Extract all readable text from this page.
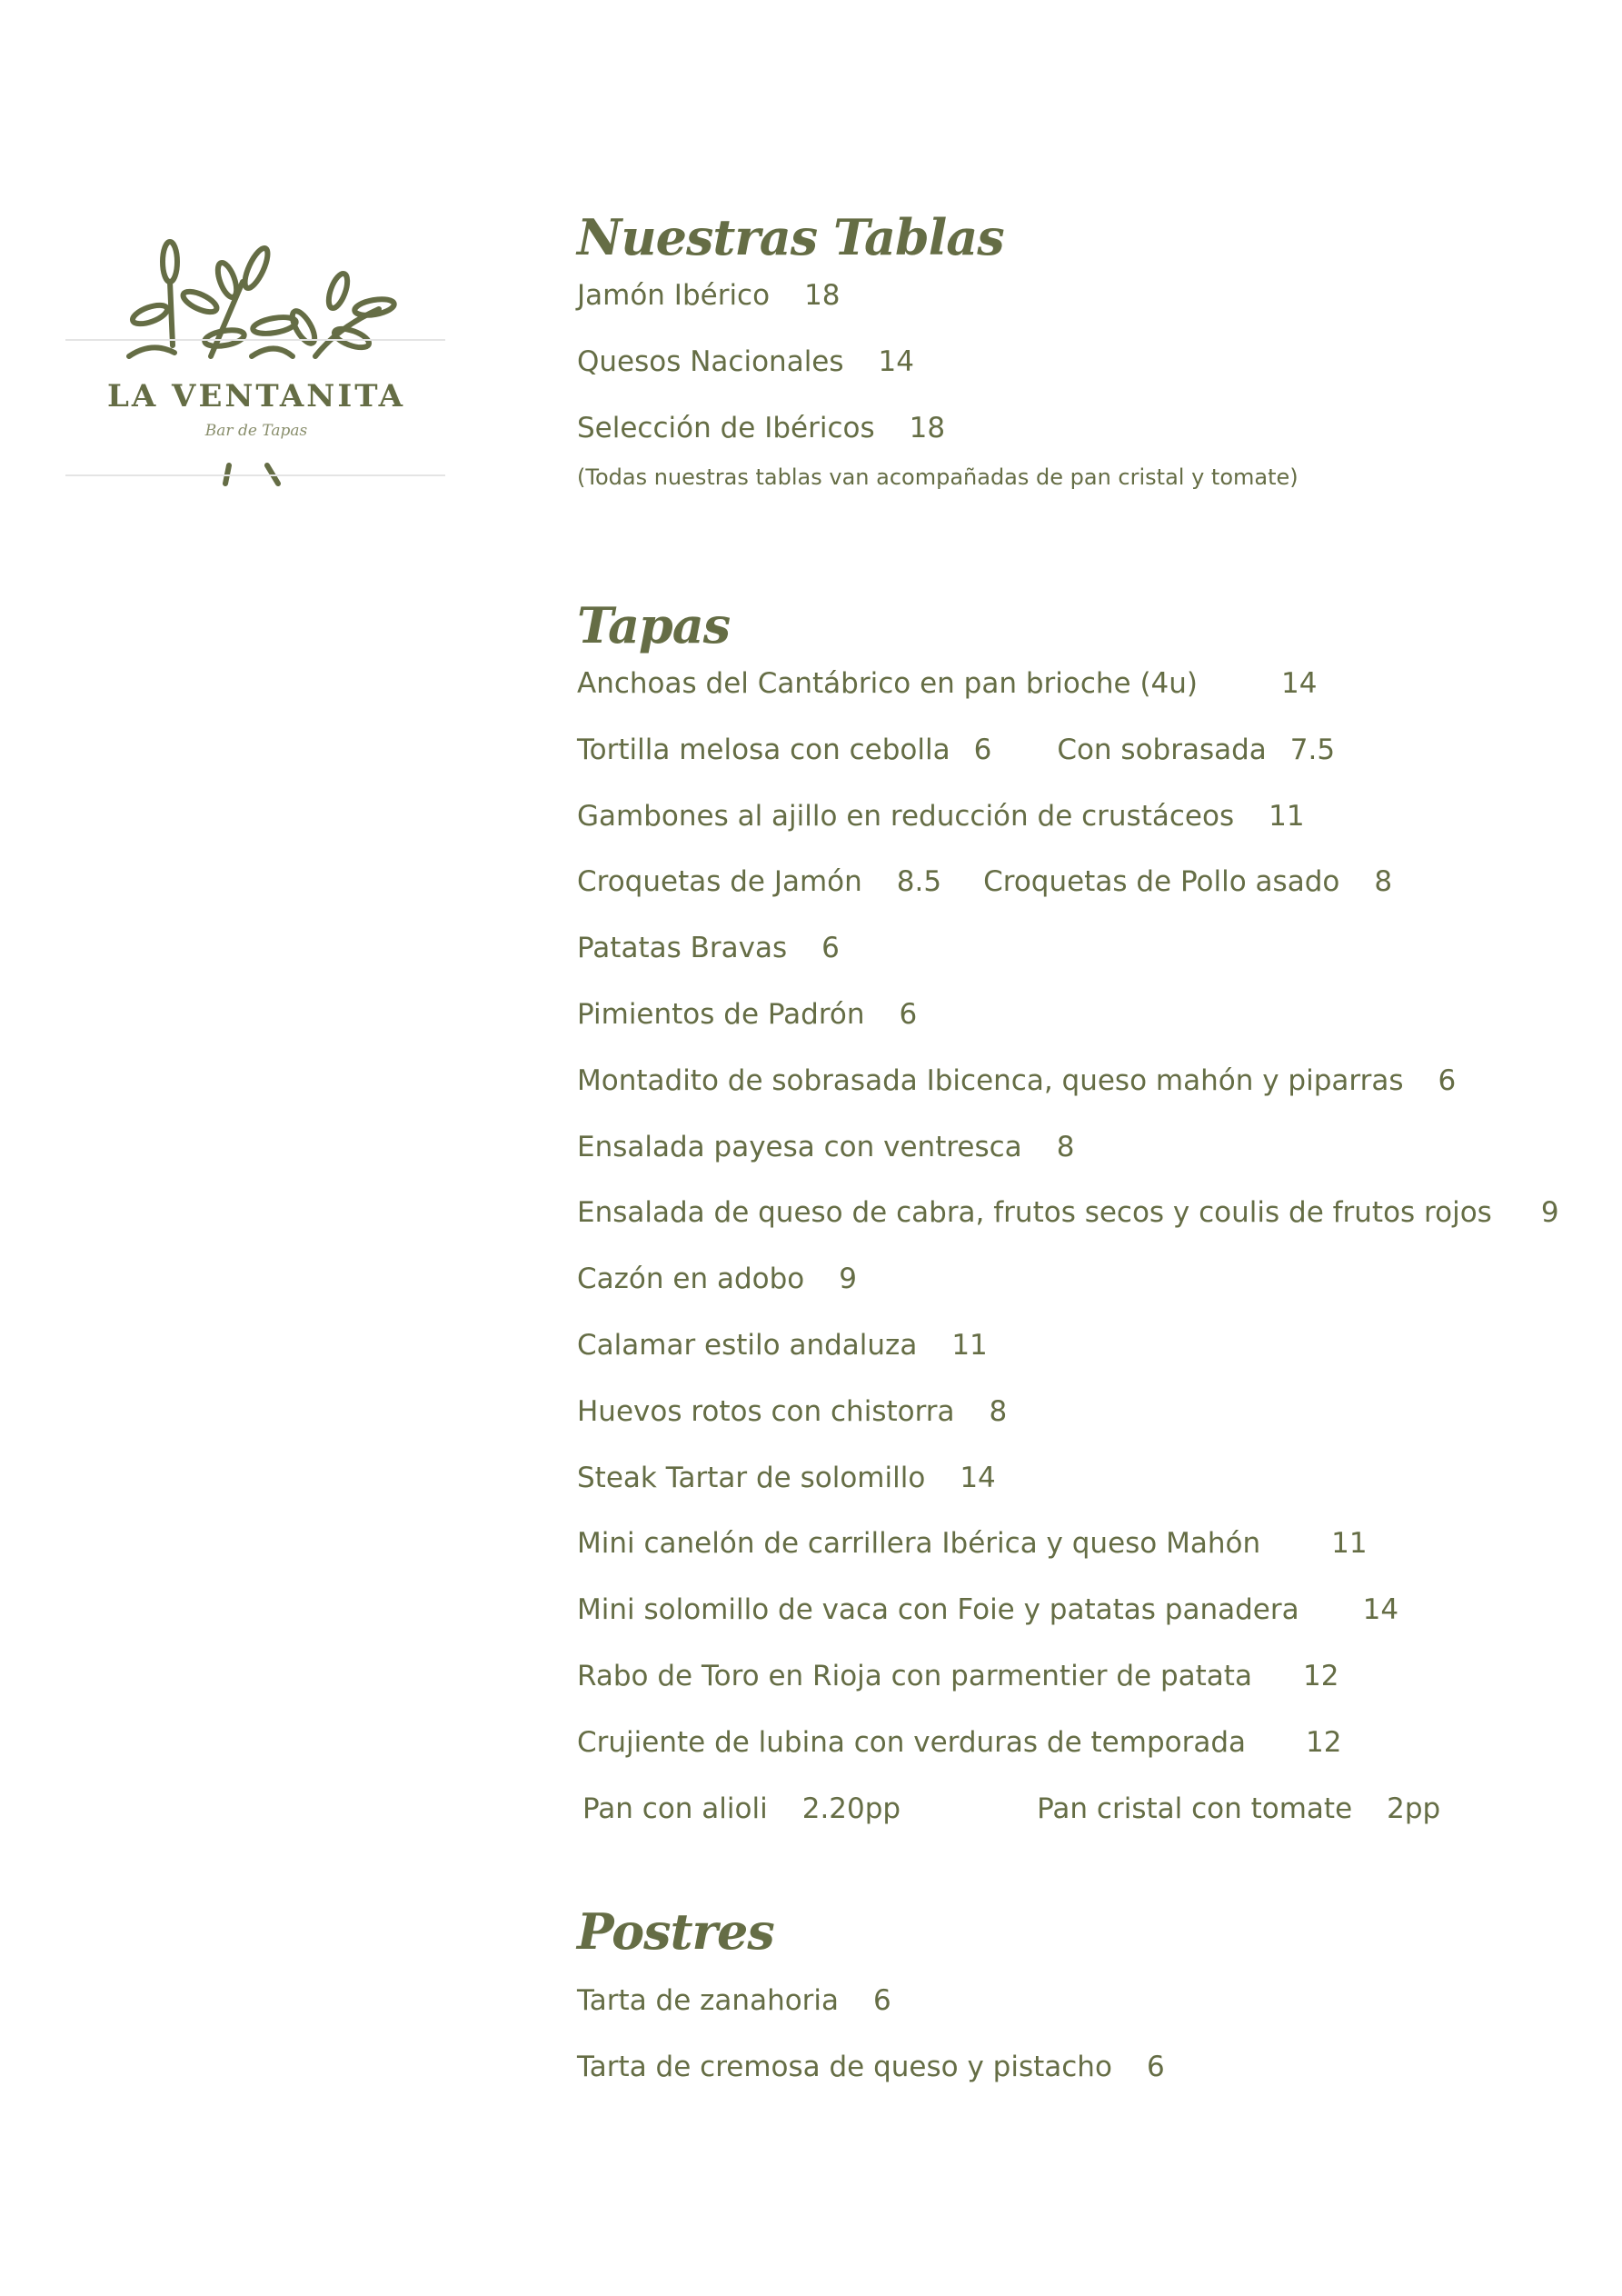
LA VENTANITA
Bar de Tapas
Nuestras Tablas
Jamón Ibérico 18
Quesos Nacionales 14
Selección de Ibéricos 18
(Todas nuestras tablas van acompañadas de pan cristal y tomate)
Tapas
Anchoas del Cantábrico en pan brioche (4u)	14
Tortilla melosa con cebolla 6 Con sobrasada 7.5
Gambones al ajillo en reducción de crustáceos 11
Croquetas de Jamón 8.5 Croquetas de Pollo asado 8
Patatas Bravas 6
Pimientos de Padrón 6
Montadito de sobrasada Ibicenca, queso mahón y piparras 6
Ensalada payesa con ventresca 8
Ensalada de queso de cabra, frutos secos y coulis de frutos rojos 9
Cazón en adobo 9
Calamar estilo andaluza 11
Huevos rotos con chistorra 8
Steak Tartar de solomillo 14
Mini canelón de carrillera Ibérica y queso Mahón	11
Mini solomillo de vaca con Foie y patatas panadera 14
Rabo de Toro en Rioja con parmentier de patata 12
Crujiente de lubina con verduras de temporada 12
Pan con alioli 2.20pp	Pan cristal con tomate 2pp
Postres
Tarta de zanahoria 6
Tarta de cremosa de queso y pistacho 6
